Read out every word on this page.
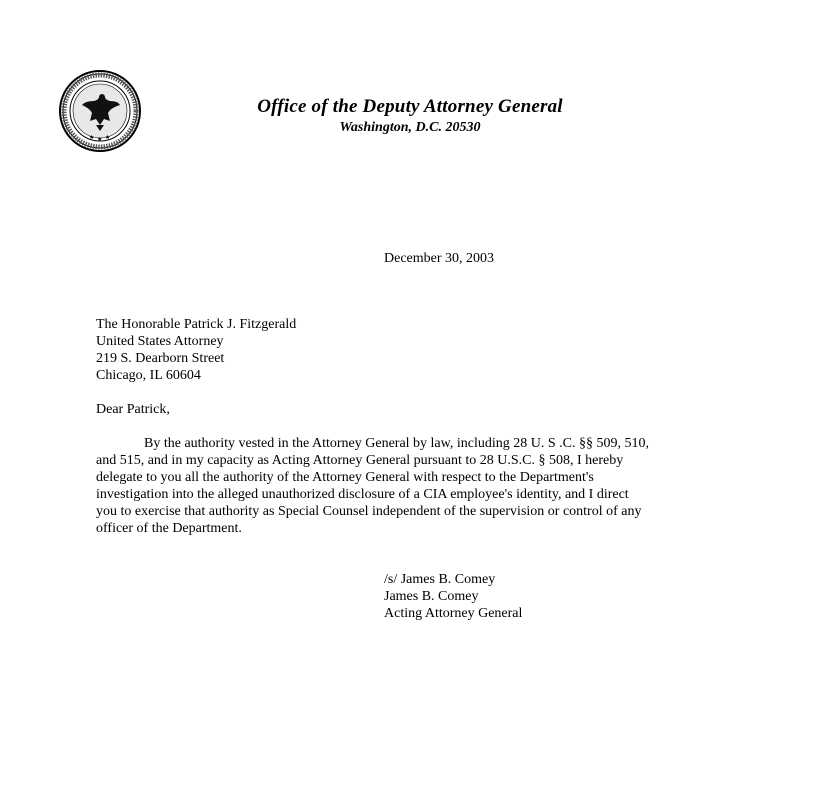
★ ★ ★
Office of the Deputy Attorney General
Washington, D.C. 20530
December 30, 2003
The Honorable Patrick J. Fitzgerald
United States Attorney
219 S. Dearborn Street
Chicago, IL 60604
Dear Patrick,
By the authority vested in the Attorney General by law, including 28 U. S .C. §§ 509, 510,
and 515, and in my capacity as Acting Attorney General pursuant to 28 U.S.C. § 508, I hereby
delegate to you all the authority of the Attorney General with respect to the Department's
investigation into the alleged unauthorized disclosure of a CIA employee's identity, and I direct
you to exercise that authority as Special Counsel independent of the supervision or control of any
officer of the Department.
/s/ James B. Comey
James B. Comey
Acting Attorney General
